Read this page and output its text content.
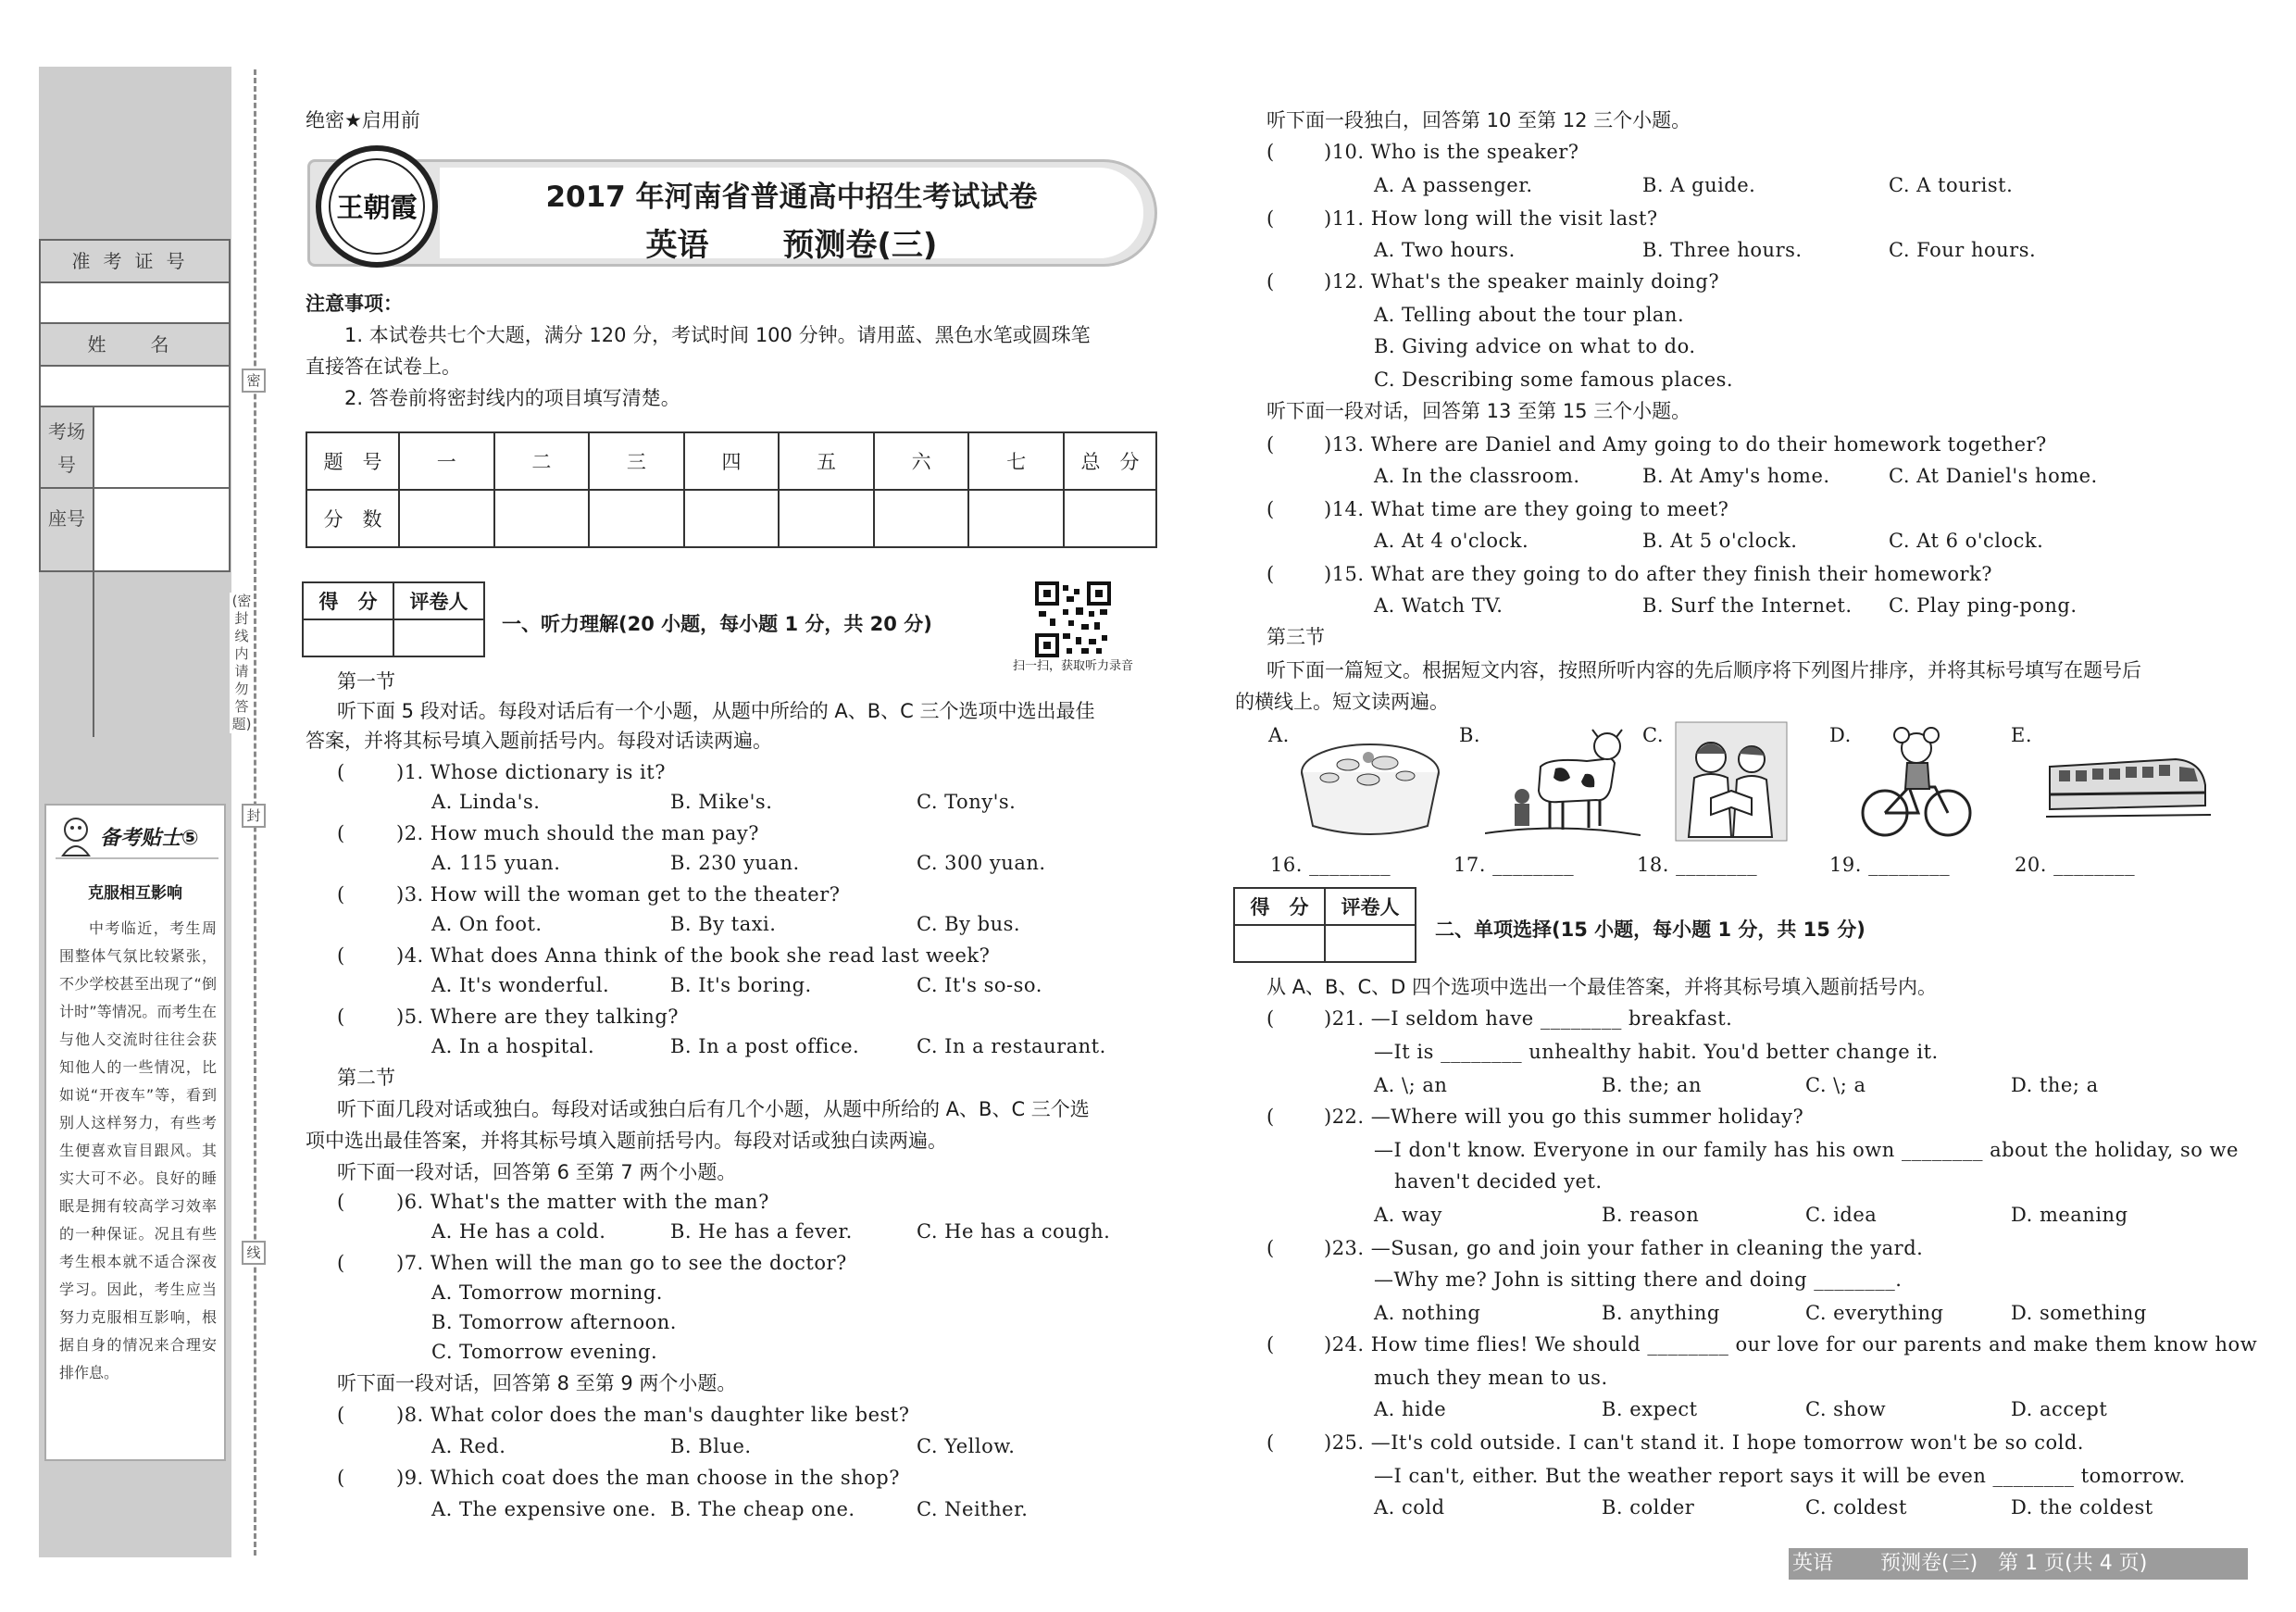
准考证号
姓　名
考场号
座号
密
(密封线内请勿答题)
封
线
备考贴士⑤
克服相互影响
中考临近，考生周围整体气氛比较紧张，不少学校甚至出现了“倒计时”等情况。而考生在与他人交流时往往会获知他人的一些情况，比如说“开夜车”等，看到别人这样努力，有些考生便喜欢盲目跟风。其实大可不必。良好的睡眠是拥有较高学习效率的一种保证。况且有些考生根本就不适合深夜学习。因此，考生应当努力克服相互影响，根据自身的情况来合理安排作息。
绝密★启用前
2017 年河南省普通高中招生考试试卷
英语　　 预测卷(三)
王朝霞
注意事项：
1. 本试卷共七个大题，满分 120 分，考试时间 100 分钟。请用蓝、黑色水笔或圆珠笔
直接答在试卷上。
2. 答卷前将密封线内的项目填写清楚。
题　号	一	二	三	四	五	六	七	总　分
分　数								
得　分	评卷人

一、听力理解(20 小题，每小题 1 分，共 20 分)
扫一扫，获取听力录音
第一节
听下面 5 段对话。每段对话后有一个小题，从题中所给的 A、B、C 三个选项中选出最佳
答案，并将其标号填入题前括号内。每段对话读两遍。
(	)1. Whose dictionary is it?
A. Linda's.	B. Mike's.	C. Tony's.
(	)2. How much should the man pay?
A. 115 yuan.	B. 230 yuan.	C. 300 yuan.
(	)3. How will the woman get to the theater?
A. On foot.	B. By taxi.	C. By bus.
(	)4. What does Anna think of the book she read last week?
A. It's wonderful.	B. It's boring.	C. It's so-so.
(	)5. Where are they talking?
A. In a hospital.	B. In a post office.	C. In a restaurant.
第二节
听下面几段对话或独白。每段对话或独白后有几个小题，从题中所给的 A、B、C 三个选
项中选出最佳答案，并将其标号填入题前括号内。每段对话或独白读两遍。
听下面一段对话，回答第 6 至第 7 两个小题。
(	)6. What's the matter with the man?
A. He has a cold.	B. He has a fever.	C. He has a cough.
(	)7. When will the man go to see the doctor?
A. Tomorrow morning.
B. Tomorrow afternoon.
C. Tomorrow evening.
听下面一段对话，回答第 8 至第 9 两个小题。
(	)8. What color does the man's daughter like best?
A. Red.	B. Blue.	C. Yellow.
(	)9. Which coat does the man choose in the shop?
A. The expensive one. B. The cheap one.	C. Neither.
听下面一段独白，回答第 10 至第 12 三个小题。
(	)10. Who is the speaker?
A. A passenger.	B. A guide.	C. A tourist.
(	)11. How long will the visit last?
A. Two hours.	B. Three hours.	C. Four hours.
(	)12. What's the speaker mainly doing?
A. Telling about the tour plan.
B. Giving advice on what to do.
C. Describing some famous places.
听下面一段对话，回答第 13 至第 15 三个小题。
(	)13. Where are Daniel and Amy going to do their homework together?
A. In the classroom.	B. At Amy's home.	C. At Daniel's home.
(	)14. What time are they going to meet?
A. At 4 o'clock.	B. At 5 o'clock.	C. At 6 o'clock.
(	)15. What are they going to do after they finish their homework?
A. Watch TV.	B. Surf the Internet. C. Play ping-pong.
第三节
听下面一篇短文。根据短文内容，按照所听内容的先后顺序将下列图片排序，并将其标号填写在题号后
的横线上。短文读两遍。
A.	B.	C.	D.	E.
16. ________	17. ________	18. ________	19. ________	20. ________
得　分	评卷人

二、单项选择(15 小题，每小题 1 分，共 15 分)
从 A、B、C、D 四个选项中选出一个最佳答案，并将其标号填入题前括号内。
(	)21. —I seldom have ________ breakfast.
—It is ________ unhealthy habit. You'd better change it.
A. \; an	B. the; an	C. \; a	D. the; a
(	)22. —Where will you go this summer holiday?
—I don't know. Everyone in our family has his own ________ about the holiday, so we
haven't decided yet.
A. way	B. reason	C. idea	D. meaning
(	)23. —Susan, go and join your father in cleaning the yard.
—Why me? John is sitting there and doing ________.
A. nothing	B. anything	C. everything	D. something
(	)24. How time flies! We should ________ our love for our parents and make them know how
much they mean to us.
A. hide	B. expect	C. show	D. accept
(	)25. —It's cold outside. I can't stand it. I hope tomorrow won't be so cold.
—I can't, either. But the weather report says it will be even ________ tomorrow.
A. cold	B. colder	C. coldest	D. the coldest
英语　　 预测卷(三)　第 1 页(共 4 页)
